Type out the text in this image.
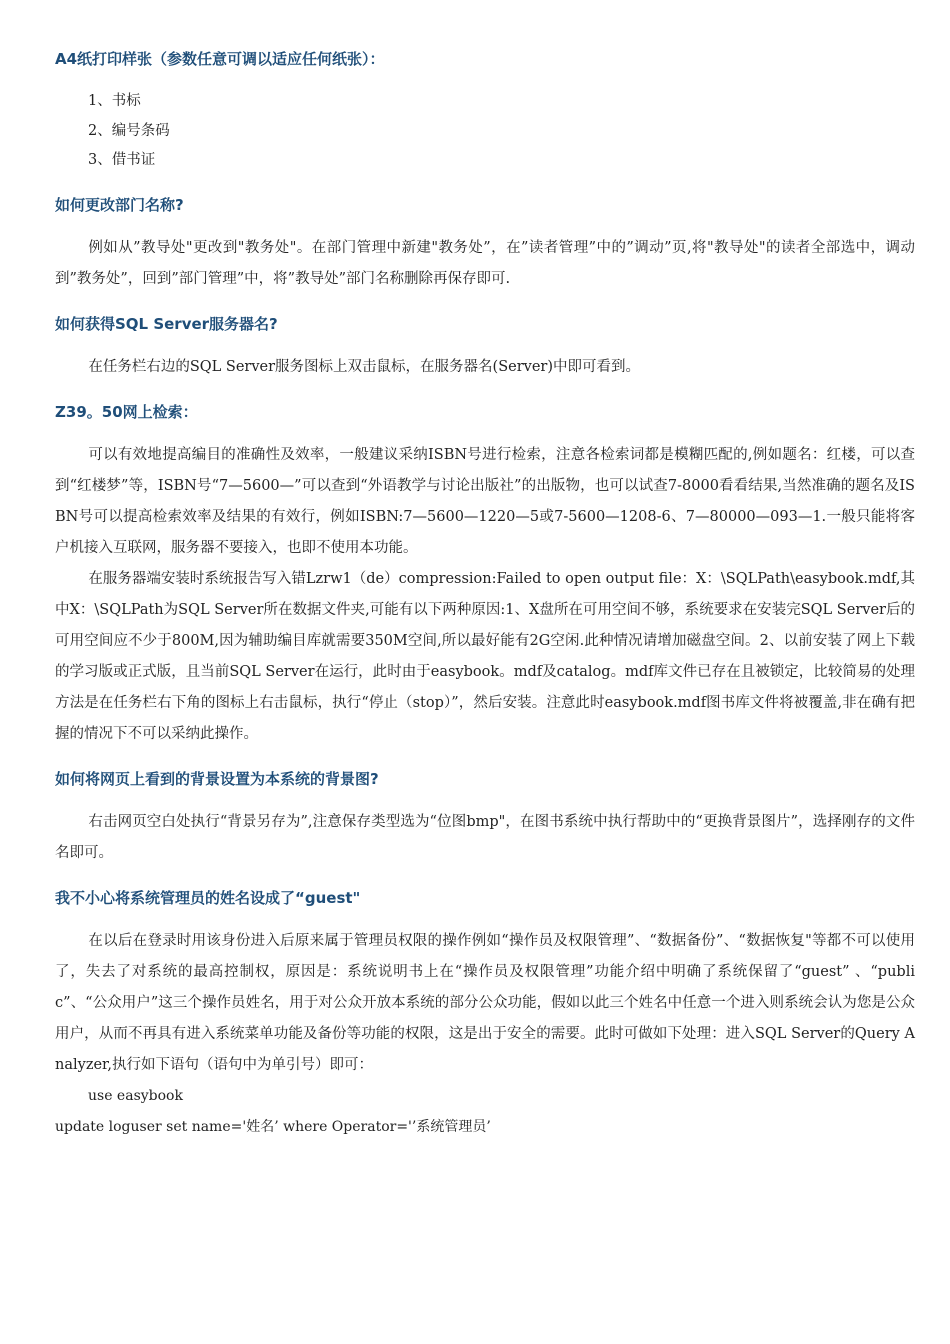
A4纸打印样张（参数任意可调以适应任何纸张）：

1、书标

2、编号条码

3、借书证

如何更改部门名称?

例如从”教导处"更改到"教务处"。在部门管理中新建"教务处”，在”读者管理”中的”调动”页,将"教导处"的读者全部选中，调动到”教务处”，回到”部门管理”中，将”教导处”部门名称删除再保存即可.

如何获得SQL Server服务器名?

在任务栏右边的SQL Server服务图标上双击鼠标，在服务器名(Server)中即可看到。

Z39。50网上检索：

可以有效地提高编目的准确性及效率，一般建议采纳ISBN号进行检索，注意各检索词都是模糊匹配的,例如题名：红楼，可以查到“红楼梦”等，ISBN号“7—5600—”可以查到“外语教学与讨论出版社”的出版物，也可以试查7-8000看看结果,当然准确的题名及ISBN号可以提高检索效率及结果的有效行，例如ISBN:7—5600—1220—5或7-5600—1208-6、7—80000—093—1.一般只能将客户机接入互联网，服务器不要接入，也即不使用本功能。

在服务器端安装时系统报告写入错Lzrw1（de）compression:Failed to open output file：X：\SQLPath\easybook.mdf,其中X：\SQLPath为SQL Server所在数据文件夹,可能有以下两种原因:1、X盘所在可用空间不够，系统要求在安装完SQL Server后的可用空间应不少于800M,因为辅助编目库就需要350M空间,所以最好能有2G空闲.此种情况请增加磁盘空间。2、以前安装了网上下载的学习版或正式版，且当前SQL Server在运行，此时由于easybook。mdf及catalog。mdf库文件已存在且被锁定，比较简易的处理方法是在任务栏右下角的图标上右击鼠标，执行“停止（stop）”，然后安装。注意此时easybook.mdf图书库文件将被覆盖,非在确有把握的情况下不可以采纳此操作。

如何将网页上看到的背景设置为本系统的背景图?

右击网页空白处执行“背景另存为”,注意保存类型选为“位图bmp"，在图书系统中执行帮助中的“更换背景图片”，选择刚存的文件名即可。

我不小心将系统管理员的姓名设成了“guest"

在以后在登录时用该身份进入后原来属于管理员权限的操作例如“操作员及权限管理”、“数据备份”、“数据恢复"等都不可以使用了，失去了对系统的最高控制权，原因是：系统说明书上在“操作员及权限管理”功能介绍中明确了系统保留了“guest” 、“public”、“公众用户”这三个操作员姓名，用于对公众开放本系统的部分公众功能，假如以此三个姓名中任意一个进入则系统会认为您是公众用户，从而不再具有进入系统菜单功能及备份等功能的权限，这是出于安全的需要。此时可做如下处理：进入SQL Server的Query Analyzer,执行如下语句（语句中为单引号）即可：

use easybook

update loguser set name='姓名’ where Operator='’系统管理员’
